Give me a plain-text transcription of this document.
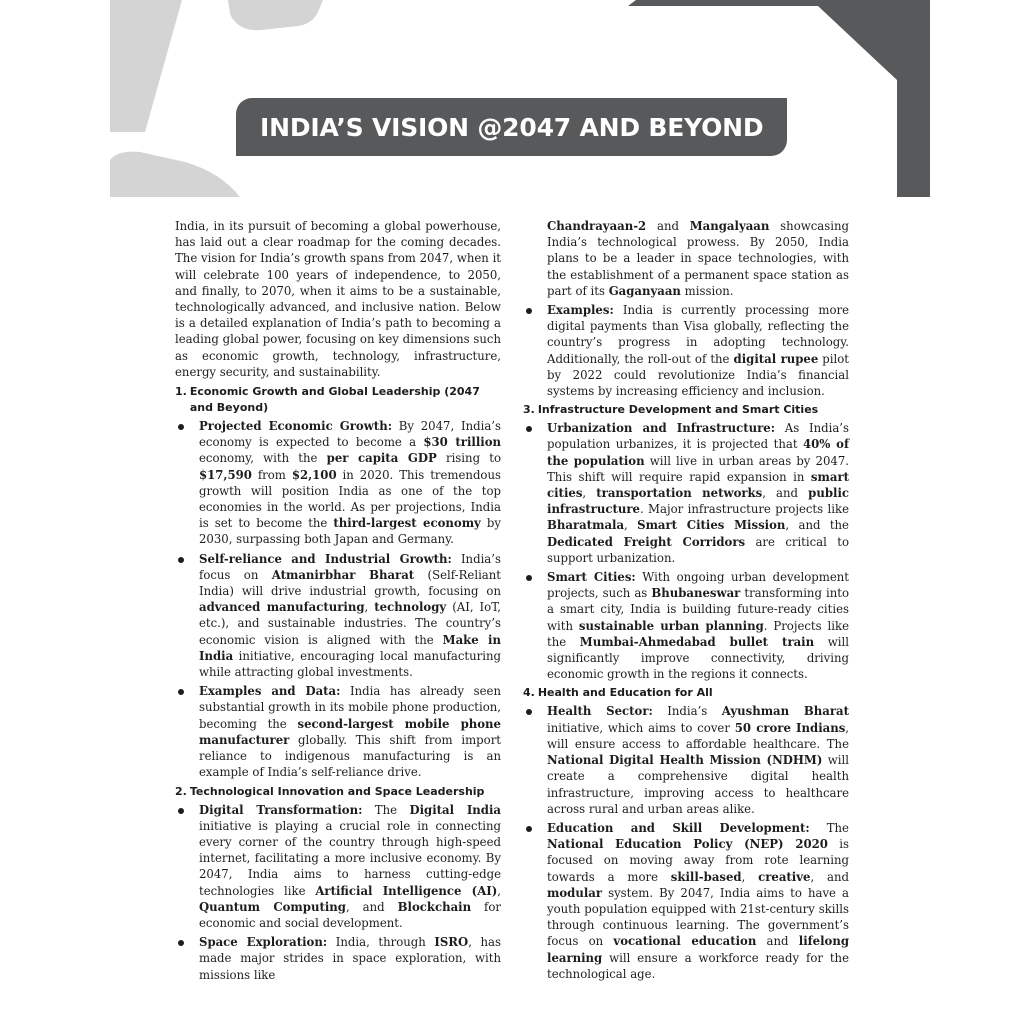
INDIA’S VISION @2047 AND BEYOND

India, in its pursuit of becoming a global powerhouse, has laid out a clear roadmap for the coming decades. The vision for India’s growth spans from 2047, when it will celebrate 100 years of independence, to 2050, and finally, to 2070, when it aims to be a sustainable, technologically advanced, and inclusive nation. Below is a detailed explanation of India’s path to becoming a leading global power, focusing on key dimensions such as economic growth, technology, infrastructure, energy security, and sustainability.

1. Economic Growth and Global Leadership (2047 and Beyond)
Projected Economic Growth: By 2047, India’s economy is expected to become a $30 trillion economy, with the per capita GDP rising to $17,590 from $2,100 in 2020. This tremendous growth will position India as one of the top economies in the world. As per projections, India is set to become the third-largest economy by 2030, surpassing both Japan and Germany.
Self-reliance and Industrial Growth: India’s focus on Atmanirbhar Bharat (Self-Reliant India) will drive industrial growth, focusing on advanced manufacturing, technology (AI, IoT, etc.), and sustainable industries. The country’s economic vision is aligned with the Make in India initiative, encouraging local manufacturing while attracting global investments.
Examples and Data: India has already seen substantial growth in its mobile phone production, becoming the second-largest mobile phone manufacturer globally. This shift from import reliance to indigenous manufacturing is an example of India’s self-reliance drive.
2. Technological Innovation and Space Leadership
Digital Transformation: The Digital India initiative is playing a crucial role in connecting every corner of the country through high-speed internet, facilitating a more inclusive economy. By 2047, India aims to harness cutting-edge technologies like Artificial Intelligence (AI), Quantum Computing, and Blockchain for economic and social development.
Space Exploration: India, through ISRO, has made major strides in space exploration, with missions like
Chandrayaan-2 and Mangalyaan showcasing India’s technological prowess. By 2050, India plans to be a leader in space technologies, with the establishment of a permanent space station as part of its Gaganyaan mission.
Examples: India is currently processing more digital payments than Visa globally, reflecting the country’s progress in adopting technology. Additionally, the roll-out of the digital rupee pilot by 2022 could revolutionize India’s financial systems by increasing efficiency and inclusion.
3. Infrastructure Development and Smart Cities
Urbanization and Infrastructure: As India’s population urbanizes, it is projected that 40% of the population will live in urban areas by 2047. This shift will require rapid expansion in smart cities, transportation networks, and public infrastructure. Major infrastructure projects like Bharatmala, Smart Cities Mission, and the Dedicated Freight Corridors are critical to support urbanization.
Smart Cities: With ongoing urban development projects, such as Bhubaneswar transforming into a smart city, India is building future-ready cities with sustainable urban planning. Projects like the Mumbai-Ahmedabad bullet train will significantly improve connectivity, driving economic growth in the regions it connects.
4. Health and Education for All
Health Sector: India’s Ayushman Bharat initiative, which aims to cover 50 crore Indians, will ensure access to affordable healthcare. The National Digital Health Mission (NDHM) will create a comprehensive digital health infrastructure, improving access to healthcare across rural and urban areas alike.
Education and Skill Development: The National Education Policy (NEP) 2020 is focused on moving away from rote learning towards a more skill-based, creative, and modular system. By 2047, India aims to have a youth population equipped with 21st-century skills through continuous learning. The government’s focus on vocational education and lifelong learning will ensure a workforce ready for the technological age.
